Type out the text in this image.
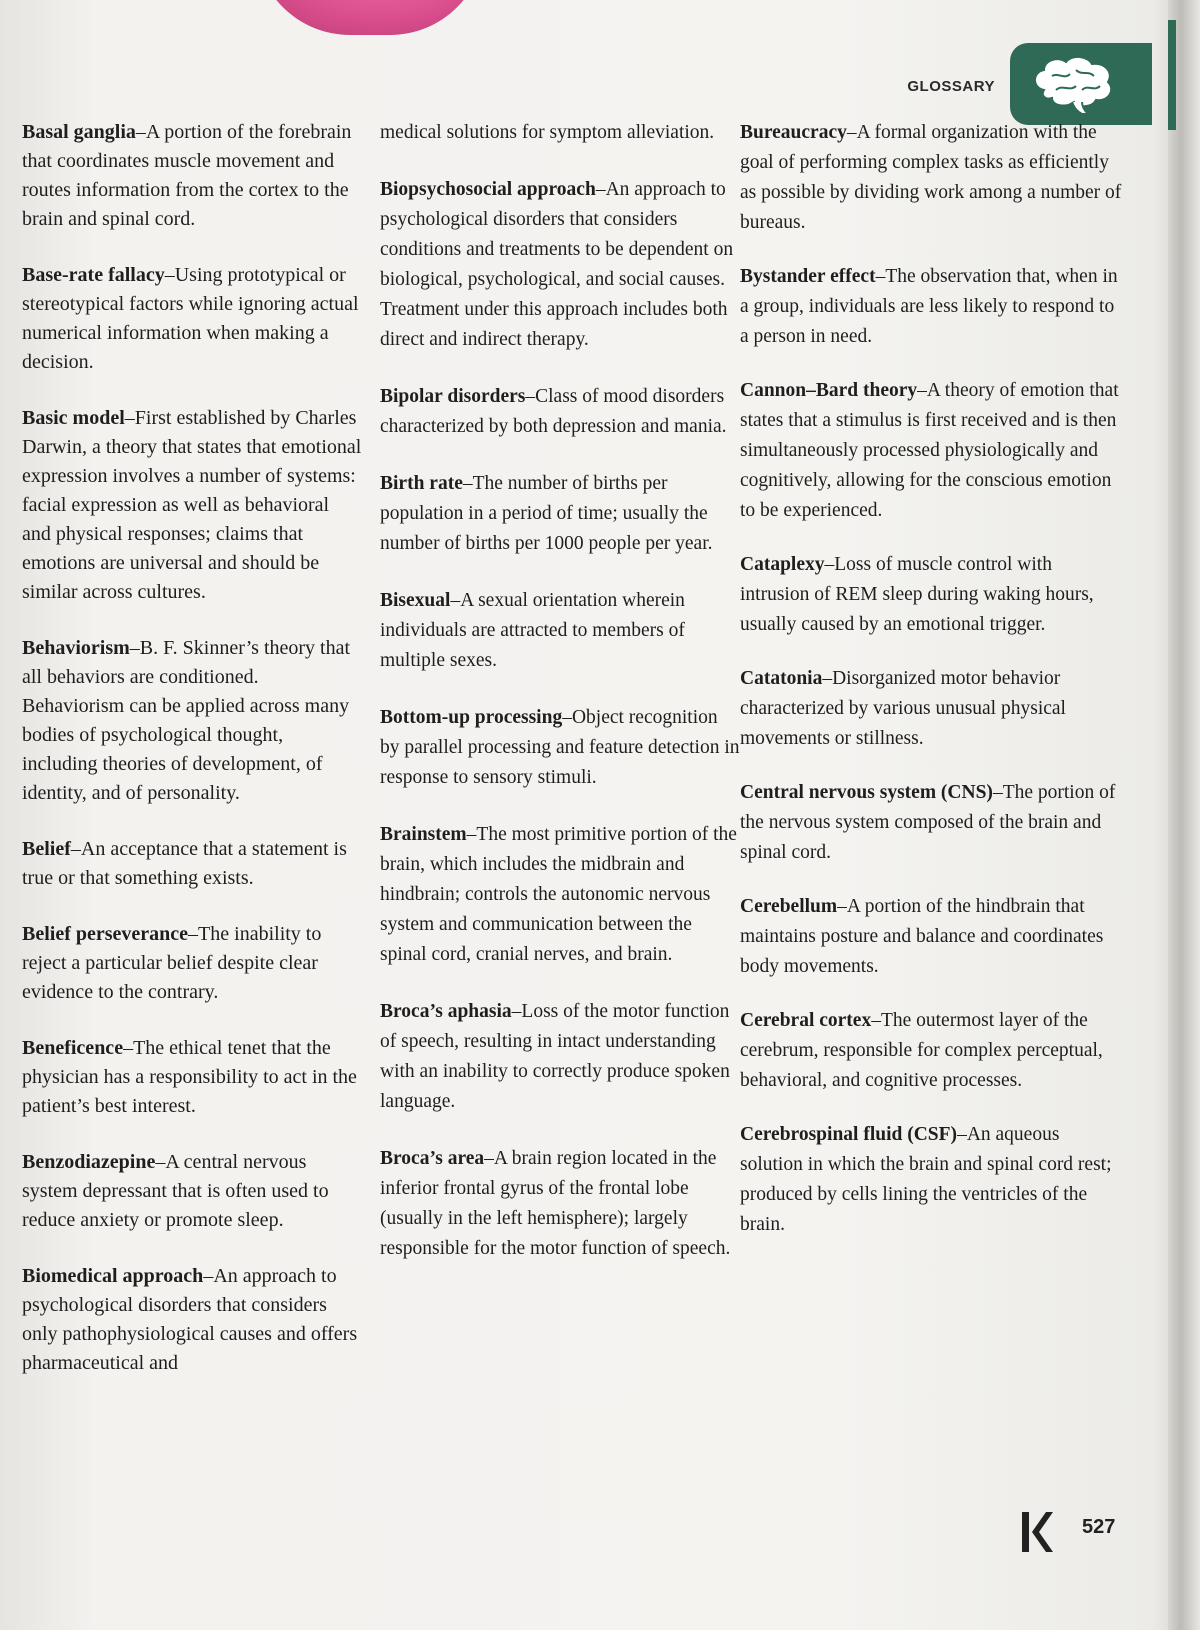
GLOSSARY

Basal ganglia–A portion of the forebrain that coordinates muscle movement and routes information from the cortex to the brain and spinal cord.

Base-rate fallacy–Using prototypical or stereotypical factors while ignoring actual numerical information when making a decision.

Basic model–First established by Charles Darwin, a theory that states that emotional expression involves a number of systems: facial expression as well as behavioral and physical responses; claims that emotions are universal and should be similar across cultures.

Behaviorism–B. F. Skinner’s theory that all behaviors are conditioned. Behaviorism can be applied across many bodies of psychological thought, including theories of development, of identity, and of personality.

Belief–An acceptance that a statement is true or that something exists.

Belief perseverance–The inability to reject a particular belief despite clear evidence to the contrary.

Beneficence–The ethical tenet that the physician has a responsibility to act in the patient’s best interest.

Benzodiazepine–A central nervous system depressant that is often used to reduce anxiety or promote sleep.

Biomedical approach–An approach to psychological disorders that considers only pathophysiological causes and offers pharmaceutical and

medical solutions for symptom alleviation.

Biopsychosocial approach–An approach to psychological disorders that considers conditions and treatments to be dependent on biological, psychological, and social causes. Treatment under this approach includes both direct and indirect therapy.

Bipolar disorders–Class of mood disorders characterized by both depression and mania.

Birth rate–The number of births per population in a period of time; usually the number of births per 1000 people per year.

Bisexual–A sexual orientation wherein individuals are attracted to members of multiple sexes.

Bottom-up processing–Object recognition by parallel processing and feature detection in response to sensory stimuli.

Brainstem–The most primitive portion of the brain, which includes the midbrain and hindbrain; controls the autonomic nervous system and communication between the spinal cord, cranial nerves, and brain.

Broca’s aphasia–Loss of the motor function of speech, resulting in intact understanding with an inability to correctly produce spoken language.

Broca’s area–A brain region located in the inferior frontal gyrus of the frontal lobe (usually in the left hemisphere); largely responsible for the motor function of speech.

Bureaucracy–A formal organization with the goal of performing complex tasks as efficiently as possible by dividing work among a number of bureaus.

Bystander effect–The observation that, when in a group, individuals are less likely to respond to a person in need.

Cannon–Bard theory–A theory of emotion that states that a stimulus is first received and is then simultaneously processed physiologically and cognitively, allowing for the conscious emotion to be experienced.

Cataplexy–Loss of muscle control with intrusion of REM sleep during waking hours, usually caused by an emotional trigger.

Catatonia–Disorganized motor behavior characterized by various unusual physical movements or stillness.

Central nervous system (CNS)–The portion of the nervous system composed of the brain and spinal cord.

Cerebellum–A portion of the hindbrain that maintains posture and balance and coordinates body movements.

Cerebral cortex–The outermost layer of the cerebrum, responsible for complex perceptual, behavioral, and cognitive processes.

Cerebrospinal fluid (CSF)–An aqueous solution in which the brain and spinal cord rest; produced by cells lining the ventricles of the brain.

527
